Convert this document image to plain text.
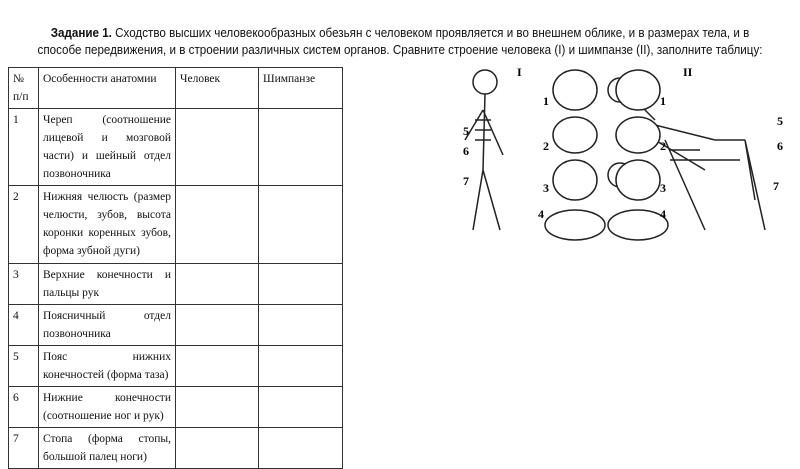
Задание 1. Сходство высших человекообразных обезьян с человеком проявляется и во внешнем облике, и в размерах тела, и в способе передвижения, и в строении различных систем органов. Сравните строение человека (I) и шимпанзе (II), заполните таблицу:
№ п/п	Особенности анатомии	Человек	Шимпанзе
1	Череп (соотношение лицевой и мозговой части) и шейный отдел позвоночника		
2	Нижняя челюсть (размер челюсти, зубов, высота коронки коренных зубов, форма зубной дуги)		
3	Верхние конечности и пальцы рук		
4	Поясничный отдел позвоночника		
5	Пояс нижних конечностей (форма таза)		
6	Нижние конечности (соотношение ног и рук)		
7	Стопа (форма стопы, большой палец ноги)		
I	II
1	1
2	2
3	3
4	4
5
5
6	6
7	7
